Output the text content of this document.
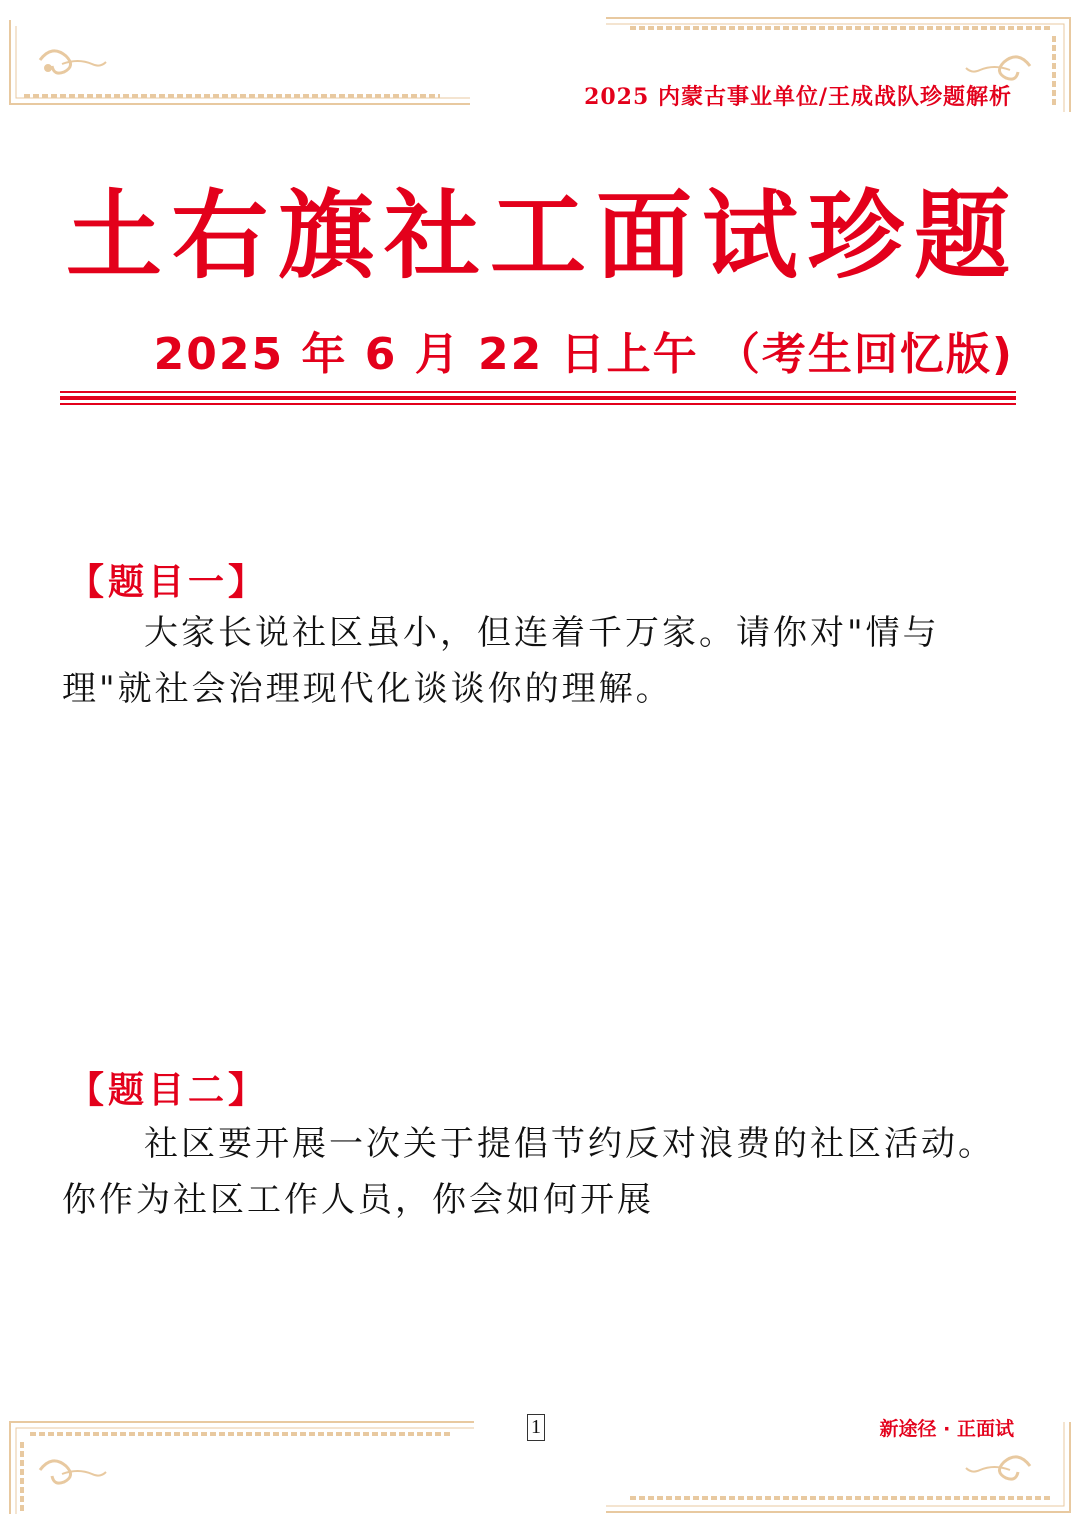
2025 内蒙古事业单位/王成战队珍题解析
土右旗社工面试珍题
2025 年 6 月 22 日上午 （考生回忆版)
【题目一】

大家长说社区虽小，但连着千万家。请你对"情与理"就社会治理现代化谈谈你的理解。

【题目二】

社区要开展一次关于提倡节约反对浪费的社区活动。你作为社区工作人员，你会如何开展

1	新途径 · 正面试
